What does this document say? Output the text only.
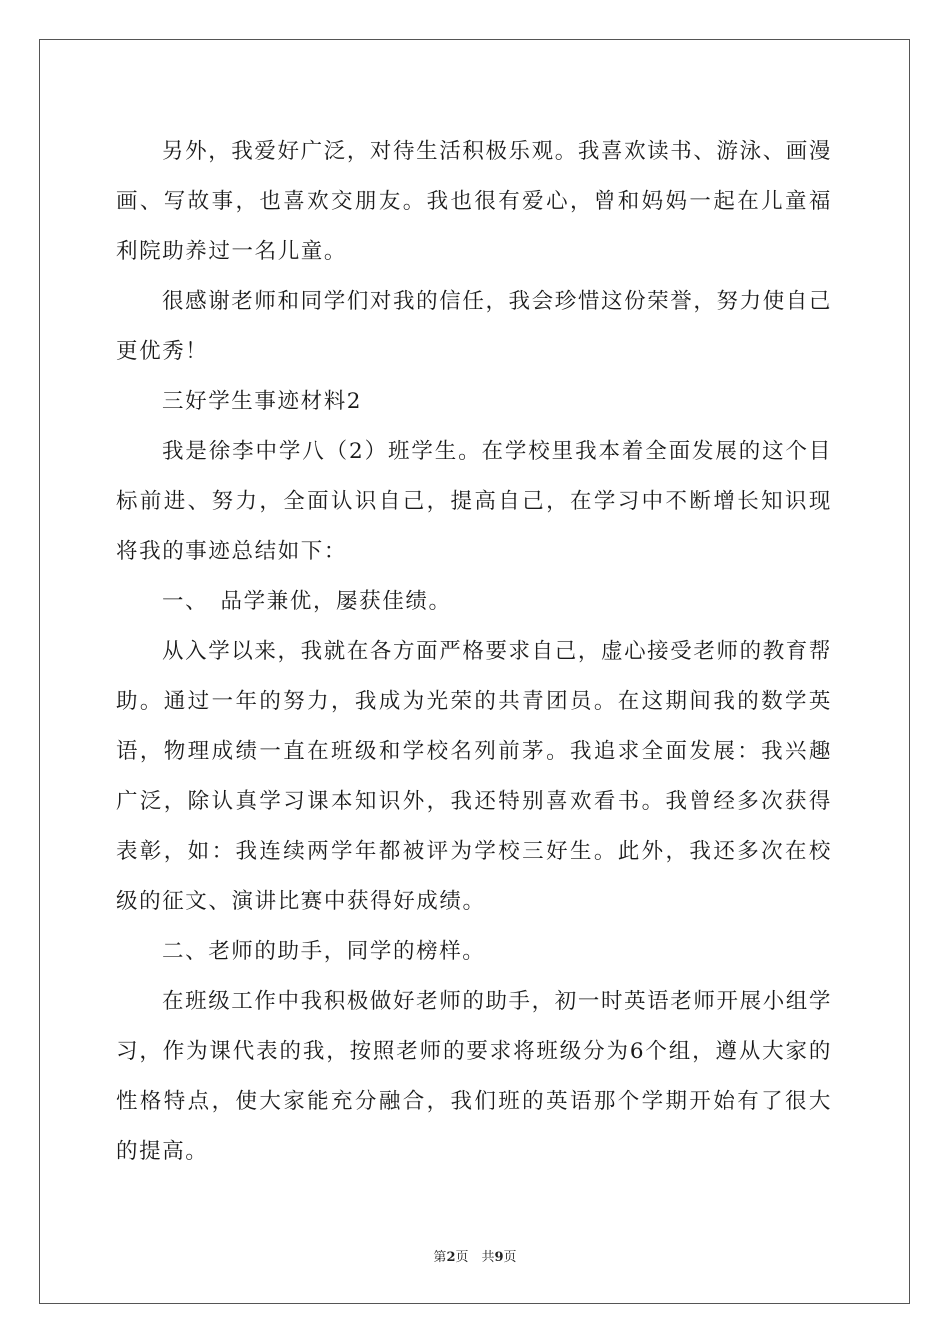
另外，我爱好广泛，对待生活积极乐观。我喜欢读书、游泳、画漫画、写故事，也喜欢交朋友。我也很有爱心，曾和妈妈一起在儿童福利院助养过一名儿童。

很感谢老师和同学们对我的信任，我会珍惜这份荣誉，努力使自己更优秀！

三好学生事迹材料2

我是徐李中学八（2）班学生。在学校里我本着全面发展的这个目标前进、努力，全面认识自己，提高自己，在学习中不断增长知识现将我的事迹总结如下：

一、　品学兼优，屡获佳绩。

从入学以来，我就在各方面严格要求自己，虚心接受老师的教育帮助。通过一年的努力，我成为光荣的共青团员。在这期间我的数学英语，物理成绩一直在班级和学校名列前茅。我追求全面发展：我兴趣广泛，除认真学习课本知识外，我还特别喜欢看书。我曾经多次获得表彰，如：我连续两学年都被评为学校三好生。此外，我还多次在校级的征文、演讲比赛中获得好成绩。

二、老师的助手，同学的榜样。

在班级工作中我积极做好老师的助手，初一时英语老师开展小组学习，作为课代表的我，按照老师的要求将班级分为6个组，遵从大家的性格特点，使大家能充分融合，我们班的英语那个学期开始有了很大的提高。

第2页　共9页
